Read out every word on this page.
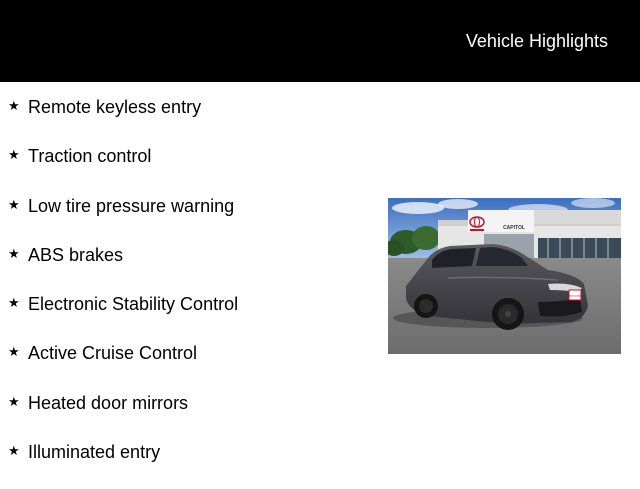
Vehicle Highlights
★ Remote keyless entry
★ Traction control
★ Low tire pressure warning
★ ABS brakes
★ Electronic Stability Control
★ Active Cruise Control
★ Heated door mirrors
★ Illuminated entry
CAPITOL
TOYOTA
